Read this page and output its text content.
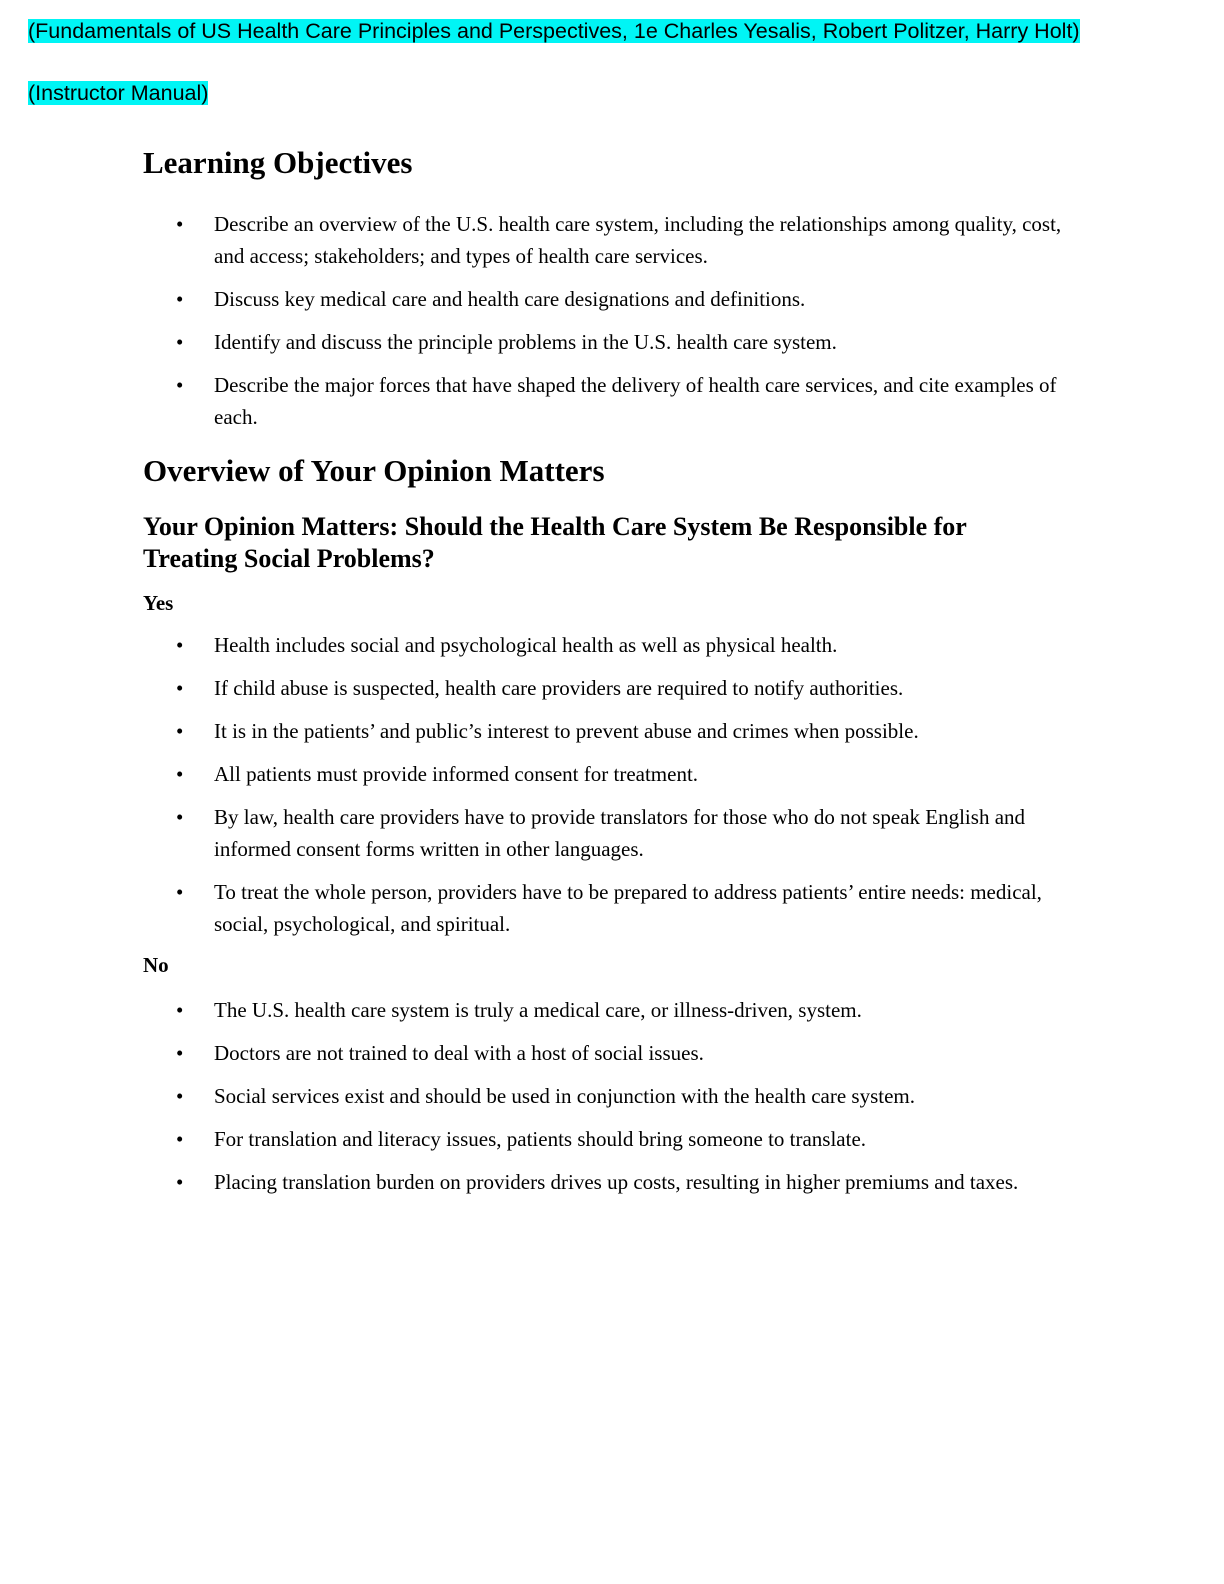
(Fundamentals of US Health Care Principles and Perspectives, 1e Charles Yesalis, Robert Politzer, Harry Holt)
(Instructor Manual)
Learning Objectives
• Describe an overview of the U.S. health care system, including the relationships among quality, cost, and access; stakeholders; and types of health care services.
• Discuss key medical care and health care designations and definitions.
• Identify and discuss the principle problems in the U.S. health care system.
• Describe the major forces that have shaped the delivery of health care services, and cite examples of each.
Overview of Your Opinion Matters
Your Opinion Matters: Should the Health Care System Be Responsible for Treating Social Problems?
Yes
• Health includes social and psychological health as well as physical health.
• If child abuse is suspected, health care providers are required to notify authorities.
• It is in the patients’ and public’s interest to prevent abuse and crimes when possible.
• All patients must provide informed consent for treatment.
• By law, health care providers have to provide translators for those who do not speak English and informed consent forms written in other languages.
• To treat the whole person, providers have to be prepared to address patients’ entire needs: medical, social, psychological, and spiritual.
No
• The U.S. health care system is truly a medical care, or illness-driven, system.
• Doctors are not trained to deal with a host of social issues.
• Social services exist and should be used in conjunction with the health care system.
• For translation and literacy issues, patients should bring someone to translate.
• Placing translation burden on providers drives up costs, resulting in higher premiums and taxes.
